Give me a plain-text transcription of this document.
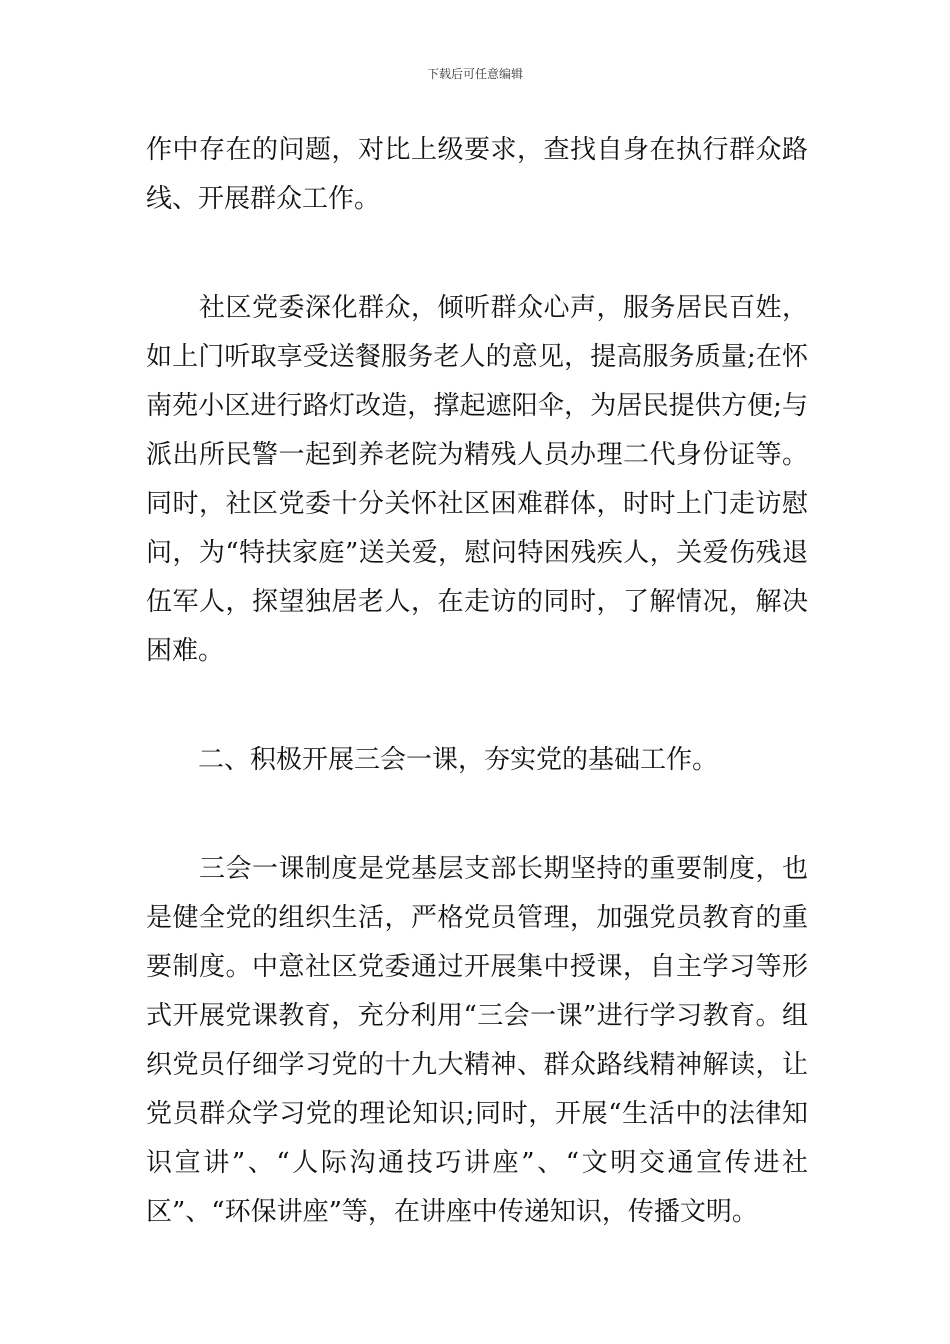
下载后可任意编辑

作中存在的问题，对比上级要求，查找自身在执行群众路线、开展群众工作。

　　社区党委深化群众，倾听群众心声，服务居民百姓，如上门听取享受送餐服务老人的意见，提高服务质量;在怀南苑小区进行路灯改造，撑起遮阳伞，为居民提供方便;与派出所民警一起到养老院为精残人员办理二代身份证等。同时，社区党委十分关怀社区困难群体，时时上门走访慰问，为“特扶家庭”送关爱，慰问特困残疾人，关爱伤残退伍军人，探望独居老人，在走访的同时，了解情况，解决困难。

　　二、积极开展三会一课，夯实党的基础工作。

　　三会一课制度是党基层支部长期坚持的重要制度，也是健全党的组织生活，严格党员管理，加强党员教育的重要制度。中意社区党委通过开展集中授课，自主学习等形式开展党课教育，充分利用“三会一课”进行学习教育。组织党员仔细学习党的十九大精神、群众路线精神解读，让党员群众学习党的理论知识;同时，开展“生活中的法律知识宣讲”、“人际沟通技巧讲座”、“文明交通宣传进社区”、“环保讲座”等，在讲座中传递知识，传播文明。
